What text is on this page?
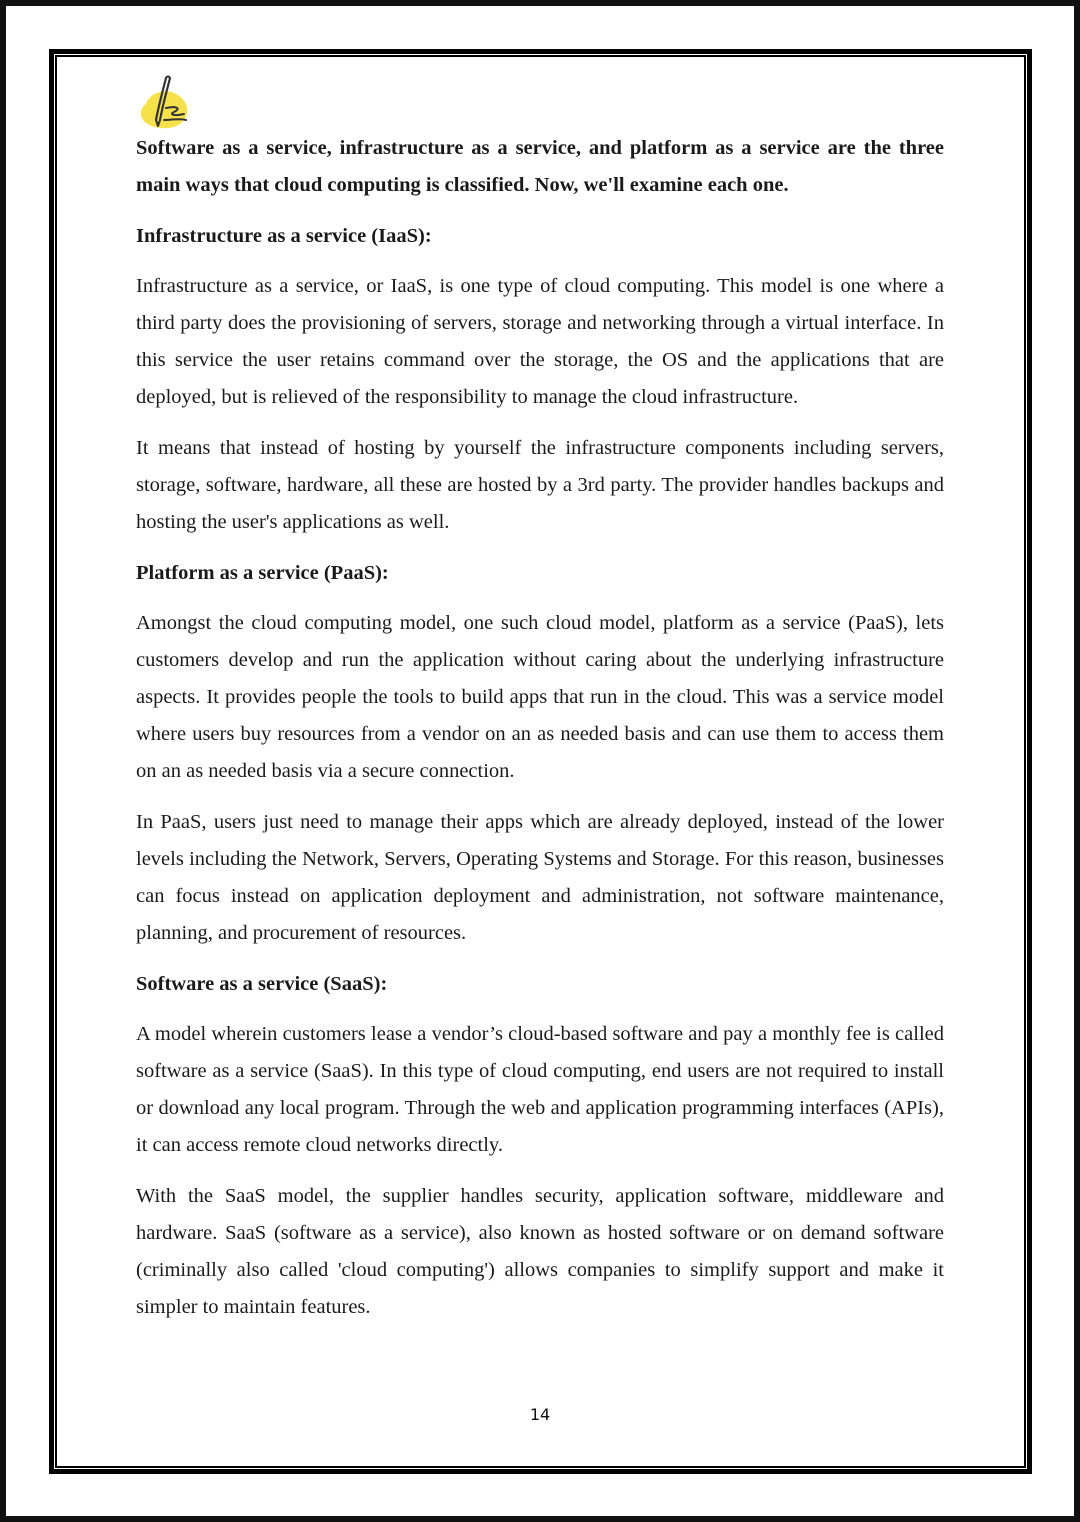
Software as a service, infrastructure as a service, and platform as a service are the three main ways that cloud computing is classified. Now, we'll examine each one.

Infrastructure as a service (IaaS):

Infrastructure as a service, or IaaS, is one type of cloud computing. This model is one where a third party does the provisioning of servers, storage and networking through a virtual interface. In this service the user retains command over the storage, the OS and the applications that are deployed, but is relieved of the responsibility to manage the cloud infrastructure.

It means that instead of hosting by yourself the infrastructure components including servers, storage, software, hardware, all these are hosted by a 3rd party. The provider handles backups and hosting the user's applications as well.

Platform as a service (PaaS):

Amongst the cloud computing model, one such cloud model, platform as a service (PaaS), lets customers develop and run the application without caring about the underlying infrastructure aspects. It provides people the tools to build apps that run in the cloud. This was a service model where users buy resources from a vendor on an as needed basis and can use them to access them on an as needed basis via a secure connection.

In PaaS, users just need to manage their apps which are already deployed, instead of the lower levels including the Network, Servers, Operating Systems and Storage. For this reason, businesses can focus instead on application deployment and administration, not software maintenance, planning, and procurement of resources.

Software as a service (SaaS):

A model wherein customers lease a vendor’s cloud-based software and pay a monthly fee is called software as a service (SaaS). In this type of cloud computing, end users are not required to install or download any local program. Through the web and application programming interfaces (APIs), it can access remote cloud networks directly.

With the SaaS model, the supplier handles security, application software, middleware and hardware. SaaS (software as a service), also known as hosted software or on demand software (criminally also called 'cloud computing') allows companies to simplify support and make it simpler to maintain features.

14
